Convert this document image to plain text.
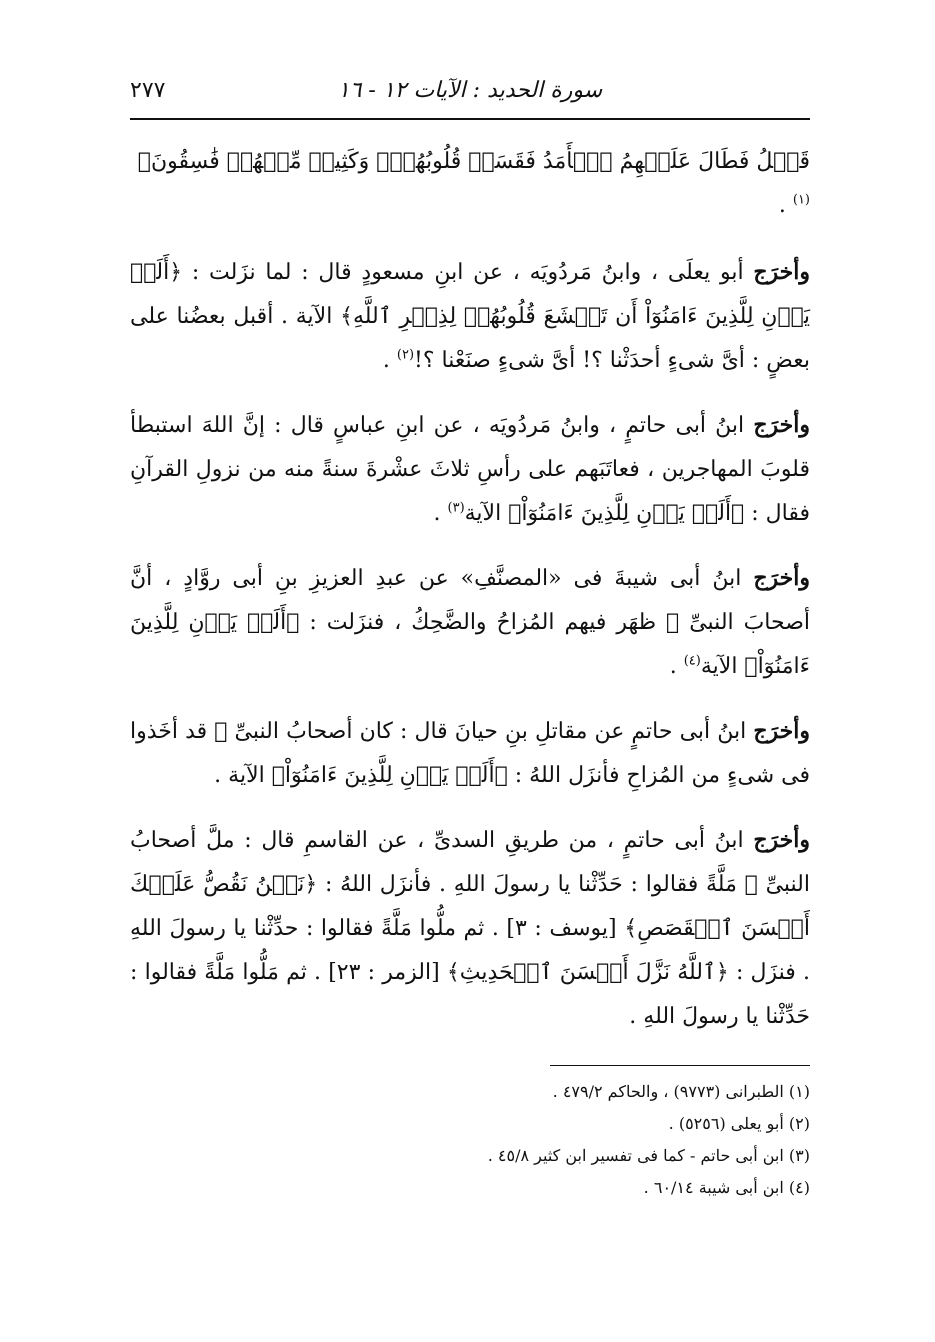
سورة الحديد : الآيات ١٢ - ١٦
٢٧٧

قَبۡلُ فَطَالَ عَلَيۡهِمُ ٱلۡأَمَدُ فَقَسَتۡ قُلُوبُهُمۡۖ وَكَثِيرٞ مِّنۡهُمۡ فَٰسِقُونَ﴾ $^{(١)}$ .

وأخرَج أبو يعلَى ، وابنُ مَردُويَه ، عن ابنِ مسعودٍ قال : لما نزَلت : ﴿أَلَمۡ يَأۡنِ لِلَّذِينَ ءَامَنُوٓاْ أَن تَخۡشَعَ قُلُوبُهُمۡ لِذِكۡرِ ٱللَّهِ﴾ الآية . أقبل بعضُنا على بعضٍ : أىَّ شىءٍ أحدَثْنا ؟! أىَّ شىءٍ صنَعْنا ؟!$^{(٢)}$ .

وأخرَج ابنُ أبى حاتمٍ ، وابنُ مَردُويَه ، عن ابنِ عباسٍ قال : إنَّ اللهَ استبطأ قلوبَ المهاجرين ، فعاتَبَهم على رأسِ ثلاثَ عشْرةَ سنةً منه من نزولِ القرآنِ فقال : ﴿أَلَمۡ يَأۡنِ لِلَّذِينَ ءَامَنُوٓاْ﴾ الآية$^{(٣)}$ .

وأخرَج ابنُ أبى شيبةَ فى «المصنَّفِ» عن عبدِ العزيزِ بنِ أبى روَّادٍ ، أنَّ أصحابَ النبىِّ ﷺ ظهَر فيهم المُزاحُ والضَّحِكُ ، فنزَلت : ﴿أَلَمۡ يَأۡنِ لِلَّذِينَ ءَامَنُوٓاْ﴾ الآية$^{(٤)}$ .

وأخرَج ابنُ أبى حاتمٍ عن مقاتلِ بنِ حيانَ قال : كان أصحابُ النبىِّ ﷺ قد أخَذوا فى شىءٍ من المُزاحِ فأنزَل اللهُ : ﴿أَلَمۡ يَأۡنِ لِلَّذِينَ ءَامَنُوٓاْ﴾ الآية .

وأخرَج ابنُ أبى حاتمٍ ، من طريقِ السدىِّ ، عن القاسمِ قال : ملَّ أصحابُ النبىِّ ﷺ مَلَّةً فقالوا : حَدِّثْنا يا رسولَ اللهِ . فأنزَل اللهُ : ﴿نَحۡنُ نَقُصُّ عَلَيۡكَ أَحۡسَنَ ٱلۡقَصَصِ﴾ [يوسف : ٣] . ثم ملُّوا مَلَّةً فقالوا : حدِّثْنا يا رسولَ اللهِ . فنزَل : ﴿ٱللَّهُ نَزَّلَ أَحۡسَنَ ٱلۡحَدِيثِ﴾ [الزمر : ٢٣] . ثم مَلُّوا مَلَّةً فقالوا : حَدِّثْنا يا رسولَ اللهِ .

(١) الطبرانى (٩٧٧٣) ، والحاكم ٤٧٩/٢ .

(٢) أبو يعلى (٥٢٥٦) .

(٣) ابن أبى حاتم - كما فى تفسير ابن كثير ٤٥/٨ .

(٤) ابن أبى شيبة ٦٠/١٤ .
